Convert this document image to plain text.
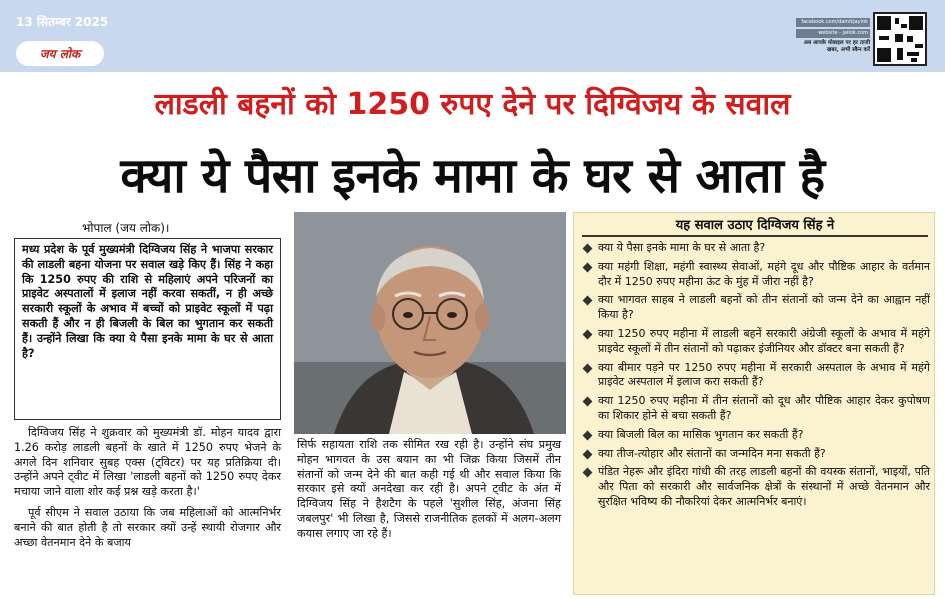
13 सितम्बर 2025
जय लोक
facebook.com/dainikjaylok
website - jailok.com
अब आपके मोबाइल पर हर ताजी खबर, अभी स्कैन करें
लाडली बहनों को 1250 रुपए देने पर दिग्विजय के सवाल
क्या ये पैसा इनके मामा के घर से आता है
भोपाल (जय लोक)।

मध्य प्रदेश के पूर्व मुख्यमंत्री दिग्विजय सिंह ने भाजपा सरकार की लाडली बहना योजना पर सवाल खड़े किए हैं। सिंह ने कहा कि 1250 रुपए की राशि से महिलाएं अपने परिजनों का प्राइवेट अस्पतालों में इलाज नहीं करवा सकतीं, न ही अच्छे सरकारी स्कूलों के अभाव में बच्चों को प्राइवेट स्कूलों में पढ़ा सकती हैं और न ही बिजली के बिल का भुगतान कर सकती हैं। उन्होंने लिखा कि क्या ये पैसा इनके मामा के घर से आता है?

दिग्विजय सिंह ने शुक्रवार को मुख्यमंत्री डॉ. मोहन यादव द्वारा 1.26 करोड़ लाडली बहनों के खाते में 1250 रुपए भेजने के अगले दिन शनिवार सुबह एक्स (ट्विटर) पर यह प्रतिक्रिया दी। उन्होंने अपने ट्वीट में लिखा 'लाडली बहनों को 1250 रुपए देकर मचाया जाने वाला शोर कई प्रश्न खड़े करता है।'

पूर्व सीएम ने सवाल उठाया कि जब महिलाओं को आत्मनिर्भर बनाने की बात होती है तो सरकार क्यों उन्हें स्थायी रोजगार और अच्छा वेतनमान देने के बजाय

सिर्फ सहायता राशि तक सीमित रख रही है। उन्होंने संघ प्रमुख मोहन भागवत के उस बयान का भी जिक्र किया जिसमें तीन संतानों को जन्म देने की बात कही गई थी और सवाल किया कि सरकार इसे क्यों अनदेखा कर रही है। अपने ट्वीट के अंत में दिग्विजय सिंह ने हैशटैग के पहले 'सुशील सिंह, अंजना सिंह जबलपुर' भी लिखा है, जिससे राजनीतिक हलकों में अलग-अलग कयास लगाए जा रहे हैं।

यह सवाल उठाए दिग्विजय सिंह ने
क्या ये पैसा इनके मामा के घर से आता है?
क्या महंगी शिक्षा, महंगी स्वास्थ्य सेवाओं, महंगे दूध और पौष्टिक आहार के वर्तमान दौर में 1250 रुपए महीना ऊंट के मुंह में जीरा नहीं है?
क्या भागवत साहब ने लाडली बहनों को तीन संतानों को जन्म देने का आह्वान नहीं किया है?
क्या 1250 रुपए महीना में लाडली बहनें सरकारी अंग्रेजी स्कूलों के अभाव में महंगे प्राइवेट स्कूलों में तीन संतानों को पढ़ाकर इंजीनियर और डॉक्टर बना सकती हैं?
क्या बीमार पड़ने पर 1250 रुपए महीना में सरकारी अस्पताल के अभाव में महंगे प्राइवेट अस्पताल में इलाज करा सकती हैं?
क्या 1250 रुपए महीना में तीन संतानों को दूध और पौष्टिक आहार देकर कुपोषण का शिकार होने से बचा सकती हैं?
क्या बिजली बिल का मासिक भुगतान कर सकती हैं?
क्या तीज-त्योहार और संतानों का जन्मदिन मना सकती हैं?
पंडित नेहरू और इंदिरा गांधी की तरह लाडली बहनों की वयस्क संतानों, भाइयों, पति और पिता को सरकारी और सार्वजनिक क्षेत्रों के संस्थानों में अच्छे वेतनमान और सुरक्षित भविष्य की नौकरियां देकर आत्मनिर्भर बनाएं।
